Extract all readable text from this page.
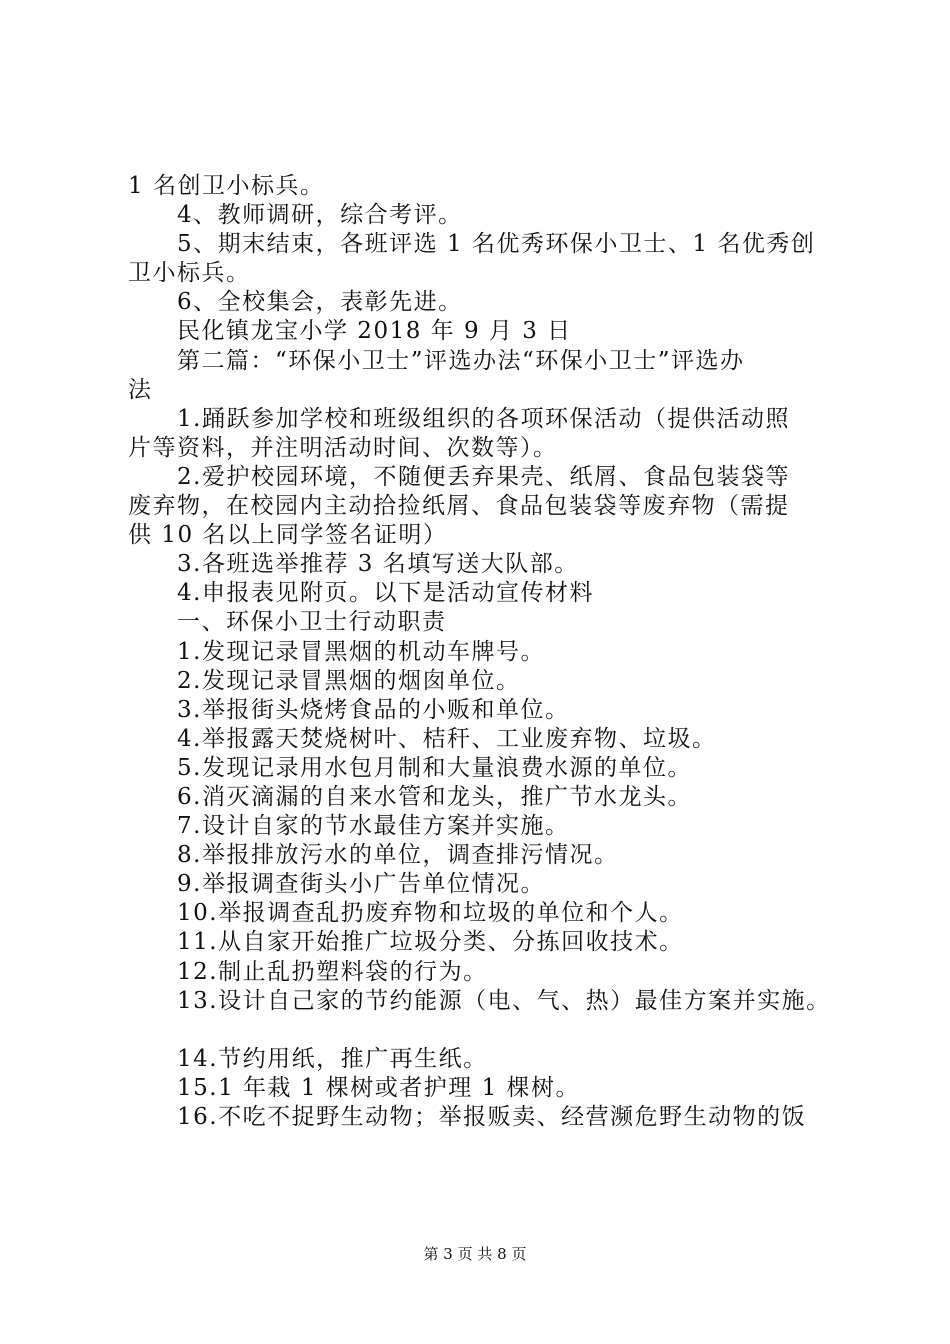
1 名创卫小标兵。
4、教师调研，综合考评。
5、期末结束，各班评选 1 名优秀环保小卫士、1 名优秀创
卫小标兵。
6、全校集会，表彰先进。
民化镇龙宝小学 2018 年 9 月 3 日
第二篇：“环保小卫士”评选办法“环保小卫士”评选办
法
1.踊跃参加学校和班级组织的各项环保活动（提供活动照
片等资料，并注明活动时间、次数等）。
2.爱护校园环境，不随便丢弃果壳、纸屑、食品包装袋等
废弃物，在校园内主动拾捡纸屑、食品包装袋等废弃物（需提
供 10 名以上同学签名证明）
3.各班选举推荐 3 名填写送大队部。
4.申报表见附页。以下是活动宣传材料
一、环保小卫士行动职责
1.发现记录冒黑烟的机动车牌号。
2.发现记录冒黑烟的烟囱单位。
3.举报街头烧烤食品的小贩和单位。
4.举报露天焚烧树叶、桔秆、工业废弃物、垃圾。
5.发现记录用水包月制和大量浪费水源的单位。
6.消灭滴漏的自来水管和龙头，推广节水龙头。
7.设计自家的节水最佳方案并实施。
8.举报排放污水的单位，调查排污情况。
9.举报调查街头小广告单位情况。
10.举报调查乱扔废弃物和垃圾的单位和个人。
11.从自家开始推广垃圾分类、分拣回收技术。
12.制止乱扔塑料袋的行为。
13.设计自己家的节约能源（电、气、热）最佳方案并实施。
14.节约用纸，推广再生纸。
15.1 年栽 1 棵树或者护理 1 棵树。
16.不吃不捉野生动物；举报贩卖、经营濒危野生动物的饭
第 3 页 共 8 页
